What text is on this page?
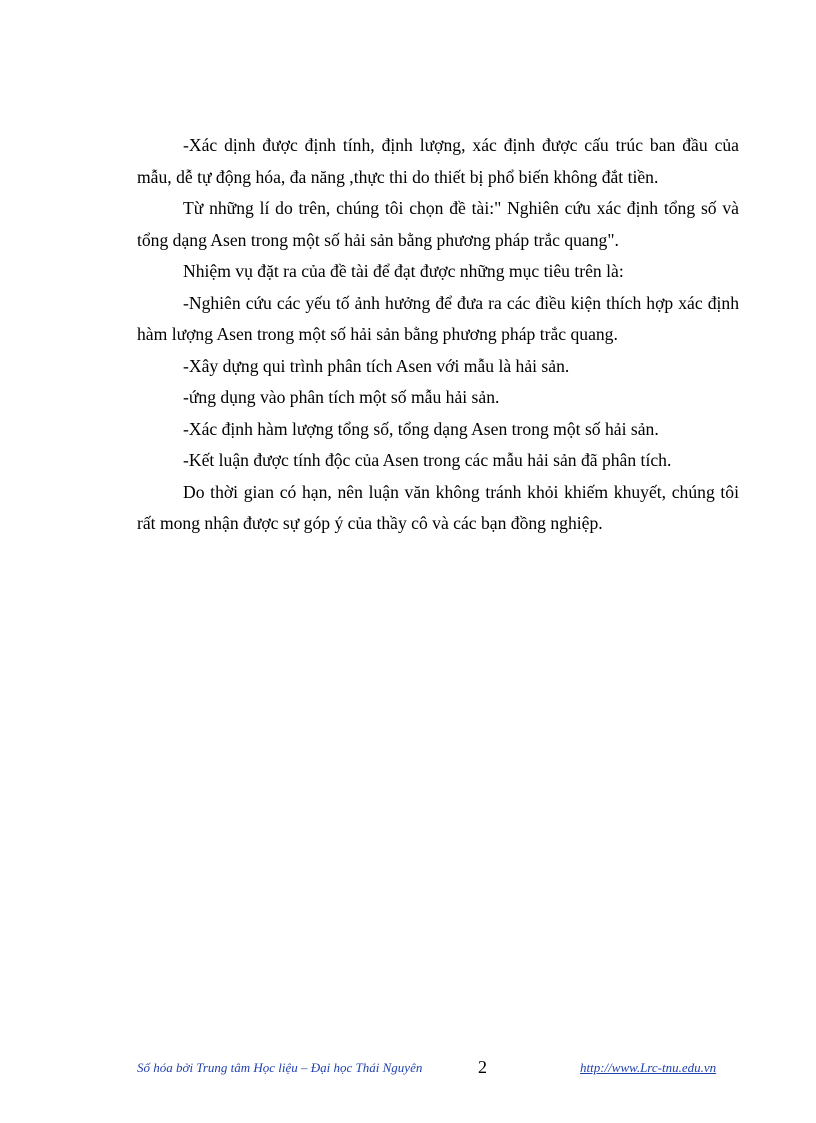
-Xác dịnh được định tính, định lượng, xác định được cấu trúc ban đầu của mẫu, dễ tự động hóa, đa năng ,thực thi do thiết bị phổ biến không đắt tiền.

Từ những lí do trên, chúng tôi chọn đề tài:" Nghiên cứu xác định tổng số và tổng dạng Asen trong một số hải sản bằng phương pháp trắc quang".

Nhiệm vụ đặt ra của đề tài để đạt được những mục tiêu trên là:

-Nghiên cứu các yếu tố ảnh hưởng để đưa ra các điều kiện thích hợp xác định hàm lượng Asen trong một số hải sản bằng phương pháp trắc quang.

-Xây dựng qui trình phân tích Asen với mẫu là hải sản.

-ứng dụng vào phân tích một số mẫu hải sản.

-Xác định hàm lượng tổng số, tổng dạng Asen trong một số hải sản.

-Kết luận được tính độc của Asen trong các mẫu hải sản đã phân tích.

Do thời gian có hạn, nên luận văn không tránh khỏi khiếm khuyết, chúng tôi rất mong nhận được sự góp ý của thầy cô và các bạn đồng nghiệp.

Số hóa bởi Trung tâm Học liệu – Đại học Thái Nguyên	2	http://www.Lrc-tnu.edu.vn
